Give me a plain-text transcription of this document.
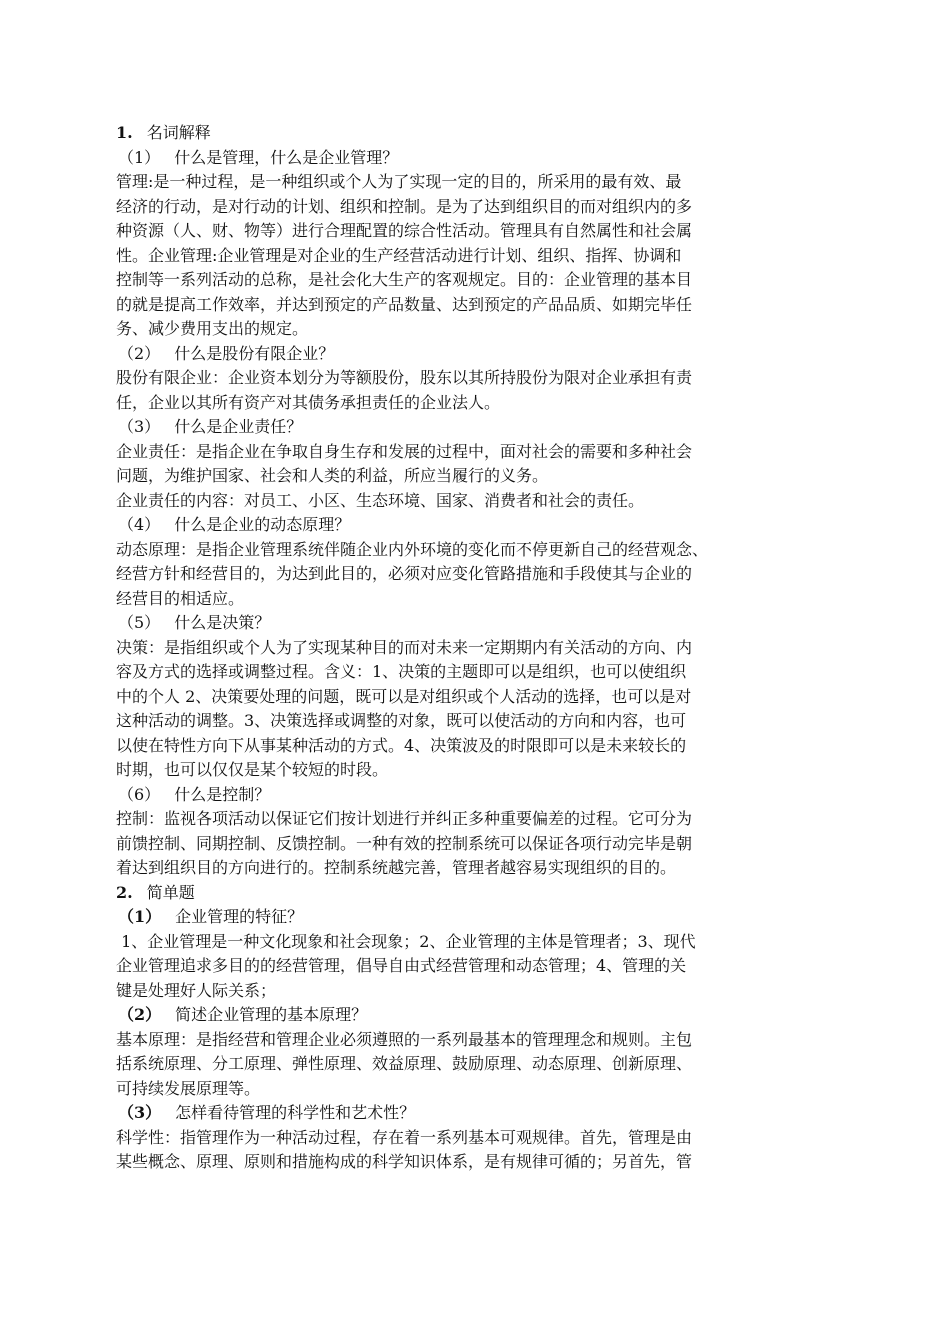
1. 名词解释
（1） 什么是管理，什么是企业管理？
管理:是一种过程，是一种组织或个人为了实现一定的目的，所采用的最有效、最
经济的行动，是对行动的计划、组织和控制。是为了达到组织目的而对组织内的多
种资源（人、财、物等）进行合理配置的综合性活动。管理具有自然属性和社会属
性。企业管理:企业管理是对企业的生产经营活动进行计划、组织、指挥、协调和
控制等一系列活动的总称，是社会化大生产的客观规定。目的：企业管理的基本目
的就是提高工作效率，并达到预定的产品数量、达到预定的产品品质、如期完毕任
务、减少费用支出的规定。
（2） 什么是股份有限企业？
股份有限企业：企业资本划分为等额股份，股东以其所持股份为限对企业承担有责
任，企业以其所有资产对其债务承担责任的企业法人。
（3） 什么是企业责任？
企业责任：是指企业在争取自身生存和发展的过程中，面对社会的需要和多种社会
问题，为维护国家、社会和人类的利益，所应当履行的义务。
企业责任的内容：对员工、小区、生态环境、国家、消费者和社会的责任。
（4） 什么是企业的动态原理？
动态原理：是指企业管理系统伴随企业内外环境的变化而不停更新自己的经营观念、
经营方针和经营目的，为达到此目的，必须对应变化管路措施和手段使其与企业的
经营目的相适应。
（5） 什么是决策？
决策：是指组织或个人为了实现某种目的而对未来一定期期内有关活动的方向、内
容及方式的选择或调整过程。含义：1、决策的主题即可以是组织，也可以使组织
中的个人 2、决策要处理的问题，既可以是对组织或个人活动的选择，也可以是对
这种活动的调整。3、决策选择或调整的对象，既可以使活动的方向和内容，也可
以使在特性方向下从事某种活动的方式。4、决策波及的时限即可以是未来较长的
时期，也可以仅仅是某个较短的时段。
（6） 什么是控制？
控制：监视各项活动以保证它们按计划进行并纠正多种重要偏差的过程。它可分为
前馈控制、同期控制、反馈控制。一种有效的控制系统可以保证各项行动完毕是朝
着达到组织目的方向进行的。控制系统越完善，管理者越容易实现组织的目的。
2. 简单题
（1） 企业管理的特征？
1、企业管理是一种文化现象和社会现象；2、企业管理的主体是管理者；3、现代
企业管理追求多目的的经营管理，倡导自由式经营管理和动态管理；4、管理的关
键是处理好人际关系；
（2） 简述企业管理的基本原理？
基本原理：是指经营和管理企业必须遵照的一系列最基本的管理理念和规则。主包
括系统原理、分工原理、弹性原理、效益原理、鼓励原理、动态原理、创新原理、
可持续发展原理等。
（3） 怎样看待管理的科学性和艺术性？
科学性：指管理作为一种活动过程，存在着一系列基本可观规律。首先，管理是由
某些概念、原理、原则和措施构成的科学知识体系，是有规律可循的；另首先，管
